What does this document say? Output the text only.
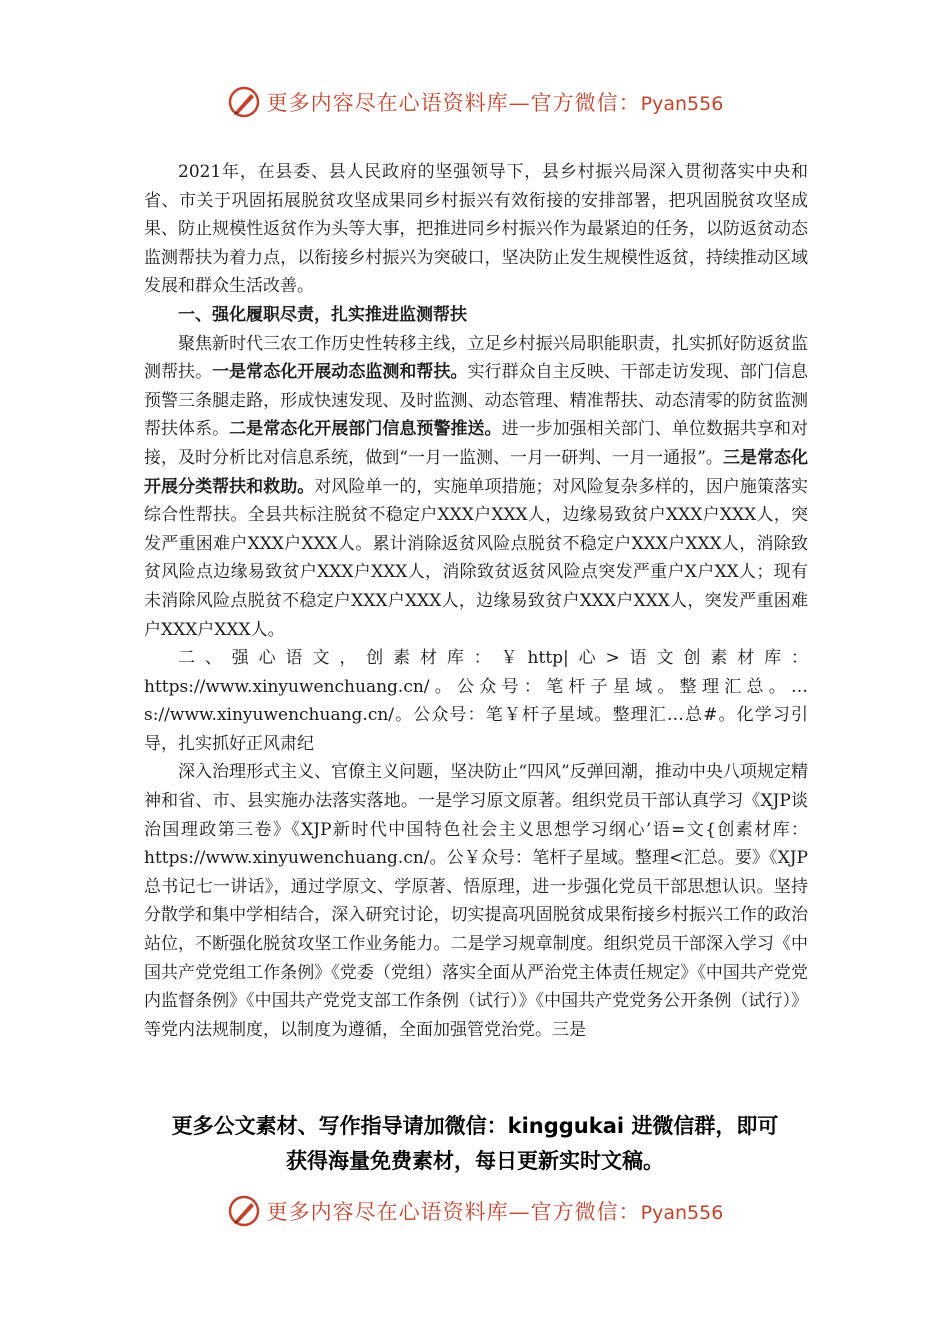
更多内容尽在心语资料库—官方微信：Pyan556

2021年，在县委、县人民政府的坚强领导下，县乡村振兴局深入贯彻落实中央和省、市关于巩固拓展脱贫攻坚成果同乡村振兴有效衔接的安排部署，把巩固脱贫攻坚成果、防止规模性返贫作为头等大事，把推进同乡村振兴作为最紧迫的任务，以防返贫动态监测帮扶为着力点，以衔接乡村振兴为突破口，坚决防止发生规模性返贫，持续推动区域发展和群众生活改善。

一、强化履职尽责，扎实推进监测帮扶

聚焦新时代三农工作历史性转移主线，立足乡村振兴局职能职责，扎实抓好防返贫监测帮扶。一是常态化开展动态监测和帮扶。实行群众自主反映、干部走访发现、部门信息预警三条腿走路，形成快速发现、及时监测、动态管理、精准帮扶、动态清零的防贫监测帮扶体系。二是常态化开展部门信息预警推送。进一步加强相关部门、单位数据共享和对接，及时分析比对信息系统，做到“一月一监测、一月一研判、一月一通报”。三是常态化开展分类帮扶和救助。对风险单一的，实施单项措施；对风险复杂多样的，因户施策落实综合性帮扶。全县共标注脱贫不稳定户XXX户XXX人，边缘易致贫户XXX户XXX人，突发严重困难户XXX户XXX人。累计消除返贫风险点脱贫不稳定户XXX户XXX人，消除致贫风险点边缘易致贫户XXX户XXX人，消除致贫返贫风险点突发严重户X户XX人；现有未消除风险点脱贫不稳定户XXX户XXX人，边缘易致贫户XXX户XXX人，突发严重困难户XXX户XXX人。

二、强心语文，创素材库：￥http|心>语文创素材库：https://www.xinyuwenchuang.cn/。公众号：笔杆子星域。整理汇总。…s://www.xinyuwenchuang.cn/。公众号：笔￥杆子星域。整理汇…总#。化学习引导，扎实抓好正风肃纪

深入治理形式主义、官僚主义问题，坚决防止“四风”反弹回潮，推动中央八项规定精神和省、市、县实施办法落实落地。一是学习原文原著。组织党员干部认真学习《XJP谈治国理政第三卷》《XJP新时代中国特色社会主义思想学习纲心’语=文{创素材库：https://www.xinyuwenchuang.cn/。公￥众号：笔杆子星域。整理<汇总。要》《XJP总书记七一讲话》，通过学原文、学原著、悟原理，进一步强化党员干部思想认识。坚持分散学和集中学相结合，深入研究讨论，切实提高巩固脱贫成果衔接乡村振兴工作的政治站位，不断强化脱贫攻坚工作业务能力。二是学习规章制度。组织党员干部深入学习《中国共产党党组工作条例》《党委（党组）落实全面从严治党主体责任规定》《中国共产党党内监督条例》《中国共产党党支部工作条例（试行）》《中国共产党党务公开条例（试行）》等党内法规制度，以制度为遵循，全面加强管党治党。三是

更多公文素材、写作指导请加微信：kinggukai 进微信群，即可
获得海量免费素材，每日更新实时文稿。
更多内容尽在心语资料库—官方微信：Pyan556
